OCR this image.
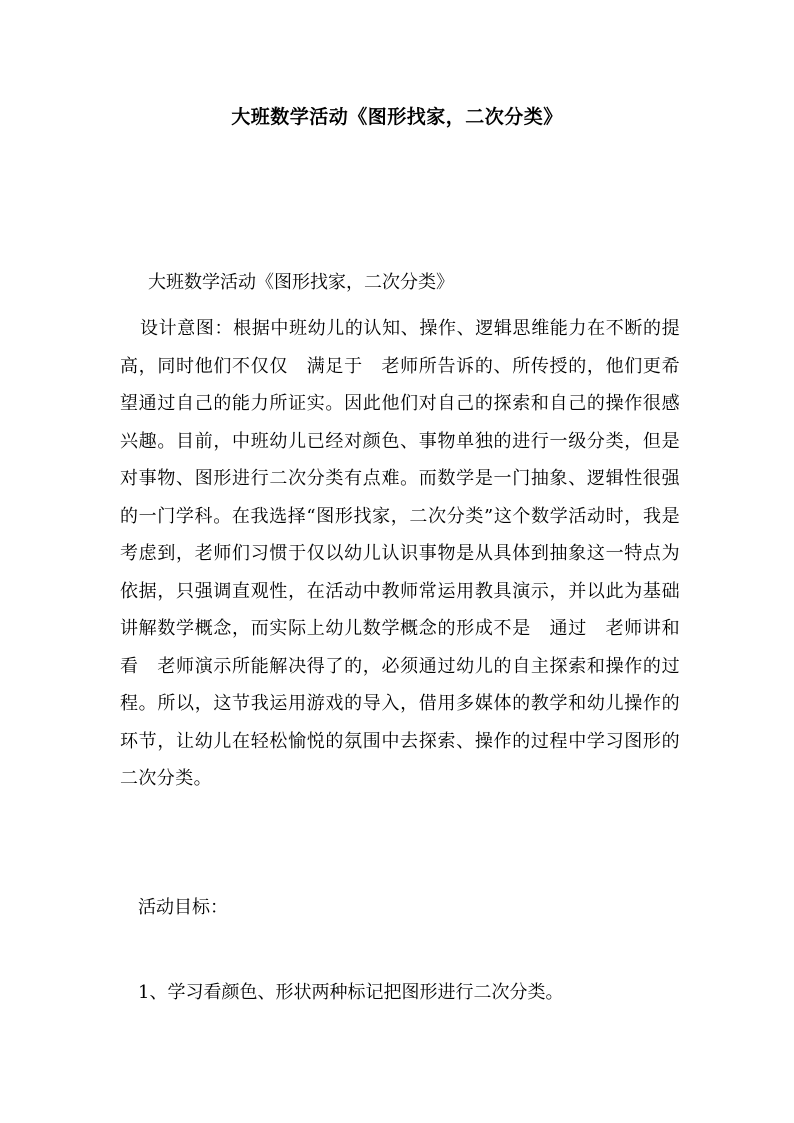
大班数学活动《图形找家，二次分类》
大班数学活动《图形找家，二次分类》
设计意图：根据中班幼儿的认知、操作、逻辑思维能力在不断的提高，同时他们不仅仅　满足于　老师所告诉的、所传授的，他们更希望通过自己的能力所证实。因此他们对自己的探索和自己的操作很感兴趣。目前，中班幼儿已经对颜色、事物单独的进行一级分类，但是对事物、图形进行二次分类有点难。而数学是一门抽象、逻辑性很强的一门学科。在我选择“图形找家，二次分类”这个数学活动时，我是考虑到，老师们习惯于仅以幼儿认识事物是从具体到抽象这一特点为依据，只强调直观性，在活动中教师常运用教具演示，并以此为基础讲解数学概念，而实际上幼儿数学概念的形成不是　通过　老师讲和看　老师演示所能解决得了的，必须通过幼儿的自主探索和操作的过程。所以，这节我运用游戏的导入，借用多媒体的教学和幼儿操作的环节，让幼儿在轻松愉悦的氛围中去探索、操作的过程中学习图形的二次分类。
活动目标：
1、学习看颜色、形状两种标记把图形进行二次分类。
